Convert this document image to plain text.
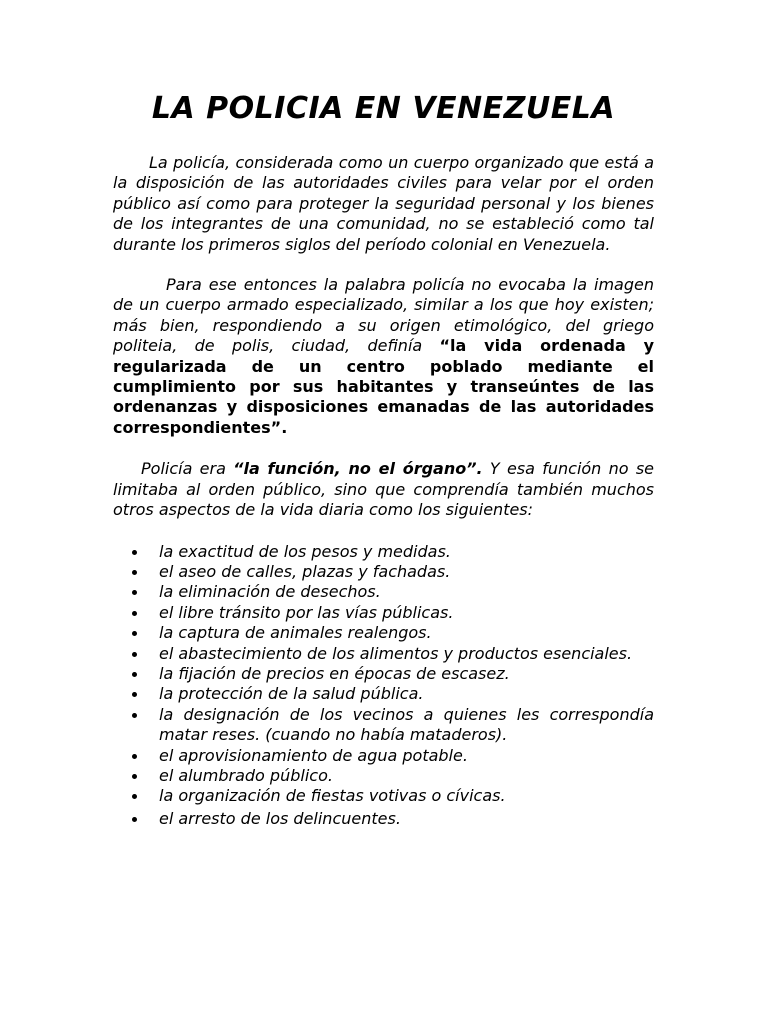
LA POLICIA EN VENEZUELA

La policía, considerada como un cuerpo organizado que está a la disposición de las autoridades civiles para velar por el orden público así como para proteger la seguridad personal y los bienes de los integrantes de una comunidad, no se estableció como tal durante los primeros siglos del período colonial en Venezuela.

Para ese entonces la palabra policía no evocaba la imagen de un cuerpo armado especializado, similar a los que hoy existen; más bien, respondiendo a su origen etimológico, del griego politeia, de polis, ciudad, definía “la vida ordenada y regularizada de un centro poblado mediante el cumplimiento por sus habitantes y transeúntes de las ordenanzas y disposiciones emanadas de las autoridades correspondientes”.

Policía era “la función, no el órgano”. Y esa función no se limitaba al orden público, sino que comprendía también muchos otros aspectos de la vida diaria como los siguientes:

la exactitud de los pesos y medidas.
el aseo de calles, plazas y fachadas.
la eliminación de desechos.
el libre tránsito por las vías públicas.
la captura de animales realengos.
el abastecimiento de los alimentos y productos esenciales.
la fijación de precios en épocas de escasez.
la protección de la salud pública.
la designación de los vecinos a quienes les correspondía matar reses. (cuando no había mataderos).
el aprovisionamiento de agua potable.
el alumbrado público.
la organización de fiestas votivas o cívicas.
el arresto de los delincuentes.
